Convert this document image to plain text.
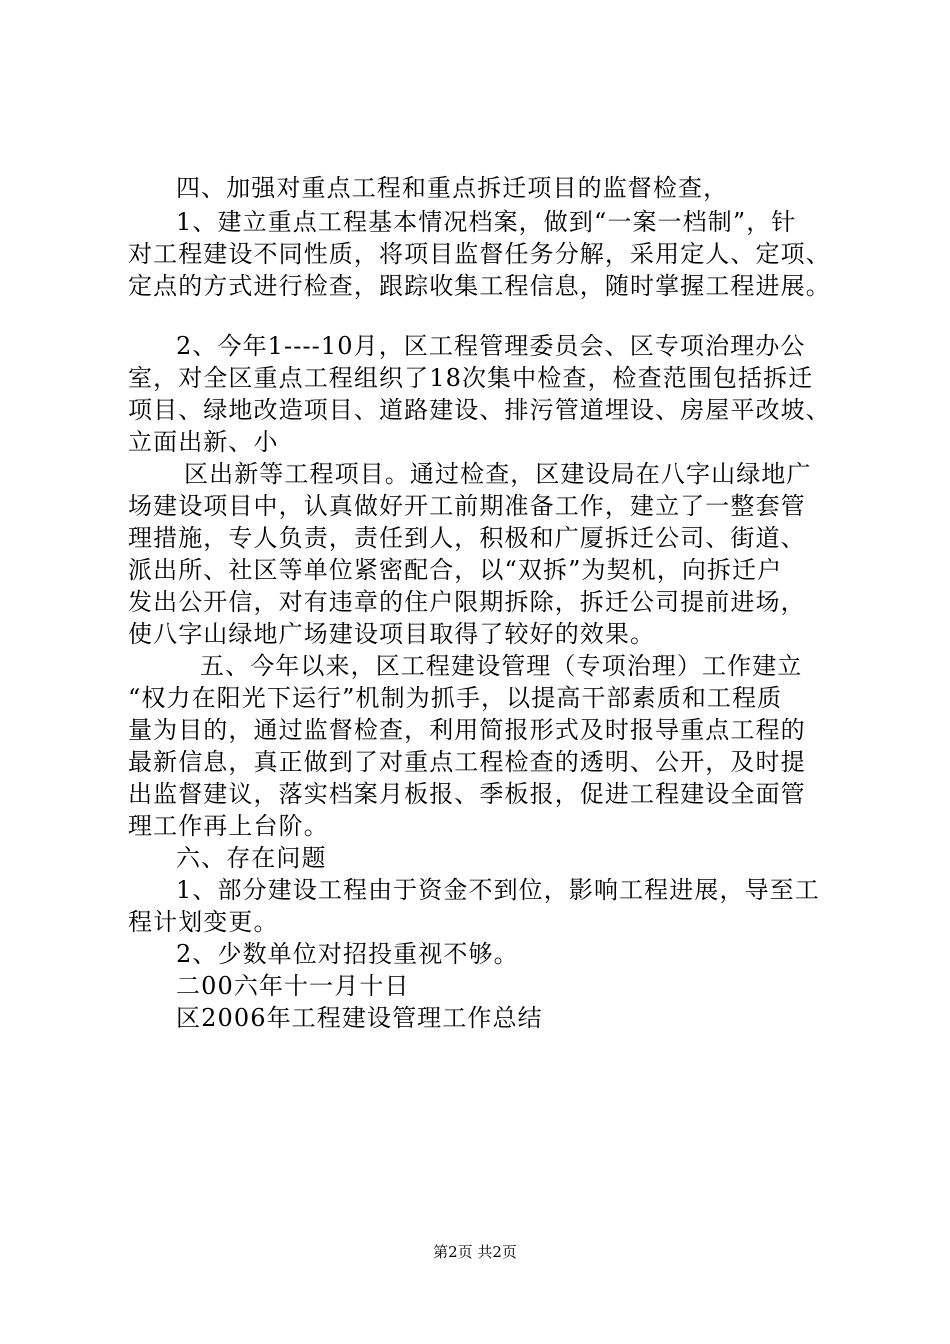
四、加强对重点工程和重点拆迁项目的监督检查，
1、建立重点工程基本情况档案，做到“一案一档制”，针
对工程建设不同性质，将项目监督任务分解，采用定人、定项、
定点的方式进行检查，跟踪收集工程信息，随时掌握工程进展。
2、今年1----10月，区工程管理委员会、区专项治理办公
室，对全区重点工程组织了18次集中检查，检查范围包括拆迁
项目、绿地改造项目、道路建设、排污管道埋设、房屋平改坡、
立面出新、小
区出新等工程项目。通过检查，区建设局在八字山绿地广
场建设项目中，认真做好开工前期准备工作，建立了一整套管
理措施，专人负责，责任到人，积极和广厦拆迁公司、街道、
派出所、社区等单位紧密配合，以“双拆”为契机，向拆迁户
发出公开信，对有违章的住户限期拆除，拆迁公司提前进场，
使八字山绿地广场建设项目取得了较好的效果。
五、今年以来，区工程建设管理（专项治理）工作建立
“权力在阳光下运行”机制为抓手，以提高干部素质和工程质
量为目的，通过监督检查，利用简报形式及时报导重点工程的
最新信息，真正做到了对重点工程检查的透明、公开，及时提
出监督建议，落实档案月板报、季板报，促进工程建设全面管
理工作再上台阶。
六、存在问题
1、部分建设工程由于资金不到位，影响工程进展，导至工
程计划变更。
2、少数单位对招投重视不够。
二00六年十一月十日
区2006年工程建设管理工作总结
第2页 共2页
